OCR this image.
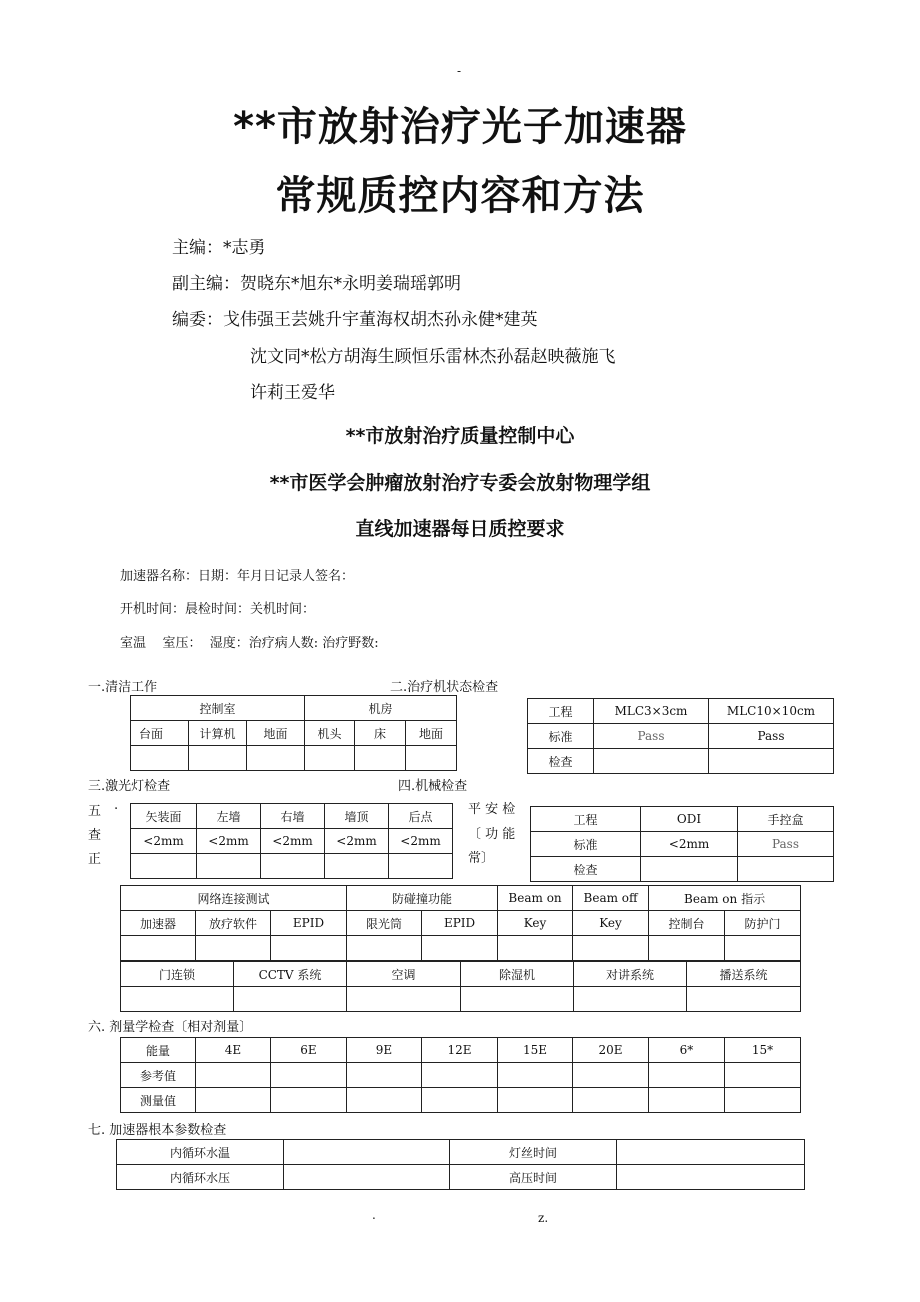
-
**市放射治疗光子加速器
常规质控内容和方法
主编：*志勇
副主编：贺晓东*旭东*永明姜瑞瑶郭明
编委：戈伟强王芸姚升宇董海权胡杰孙永健*建英
沈文同*松方胡海生顾恒乐雷林杰孙磊赵映薇施飞
许莉王爱华
**市放射治疗质量控制中心
**市医学会肿瘤放射治疗专委会放射物理学组
直线加速器每日质控要求
加速器名称：日期：年月日记录人签名：
开机时间：晨检时间：关机时间：
室温    室压：  湿度：治疗病人数: 治疗野数:
一.清洁工作	二.治疗机状态检查
控制室			机房		
台面	计算机	地面	机头	床	地面

工程	MLC3×3cm	MLC10×10cm
标准	Pass	Pass
检查		
三.激光灯检查	四.机械检查
五 .
查
正
矢装面	左墙	右墙	墙顶	后点
<2mm	<2mm	<2mm	<2mm	<2mm

平 安 检
〔 功 能
常〕
工程	ODI	手控盒
标准	<2mm	Pass
检查		
网络连接测试			防碰撞功能		Beam on	Beam off	Beam on 指示	
加速器	放疗软件	EPID	限光筒	EPID	Key	Key	控制台	防护门

门连锁	CCTV 系统	空调	除湿机	对讲系统	播送系统

六. 剂量学检查〔相对剂量〕
能量	4E	6E	9E	12E	15E	20E	6*	15*
参考值								
测量值								
七. 加速器根本参数检查
内循环水温		灯丝时间	
内循环水压		高压时间	
.	z.
